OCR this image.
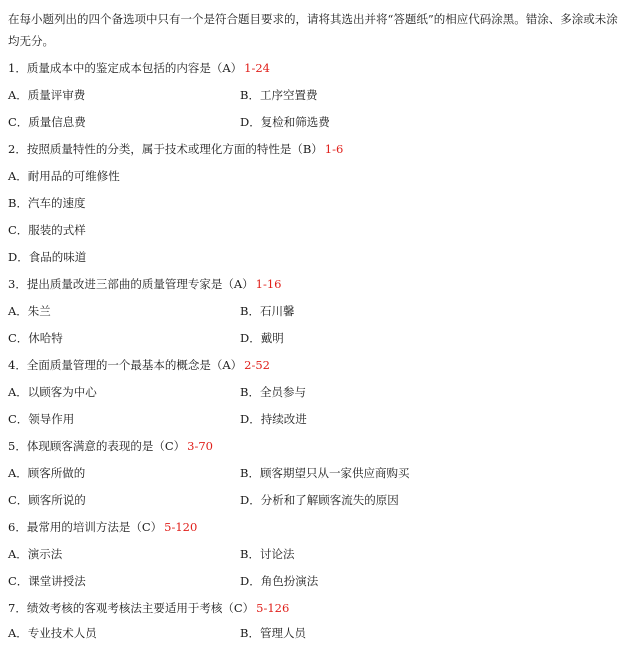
在每小题列出的四个备选项中只有一个是符合题目要求的，请将其选出并将“答题纸”的相应代码涂黑。错涂、多涂或未涂均无分。
1．质量成本中的鉴定成本包括的内容是（A） 1-24
A．质量评审费	B．工序空置费
C．质量信息费	D．复检和筛选费
2．按照质量特性的分类，属于技术或理化方面的特性是（B） 1-6
A．耐用品的可维修性
B．汽车的速度
C．服装的式样
D．食品的味道
3．提出质量改进三部曲的质量管理专家是（A） 1-16
A．朱兰	B．石川馨
C．休哈特	D．戴明
4．全面质量管理的一个最基本的概念是（A） 2-52
A．以顾客为中心	B．全员参与
C．领导作用	D．持续改进
5．体现顾客满意的表现的是（C） 3-70
A．顾客所做的	B．顾客期望只从一家供应商购买
C．顾客所说的	D．分析和了解顾客流失的原因
6．最常用的培训方法是（C） 5-120
A．演示法	B．讨论法
C．课堂讲授法	D．角色扮演法
7．绩效考核的客观考核法主要适用于考核（C） 5-126
A．专业技术人员	B．管理人员
